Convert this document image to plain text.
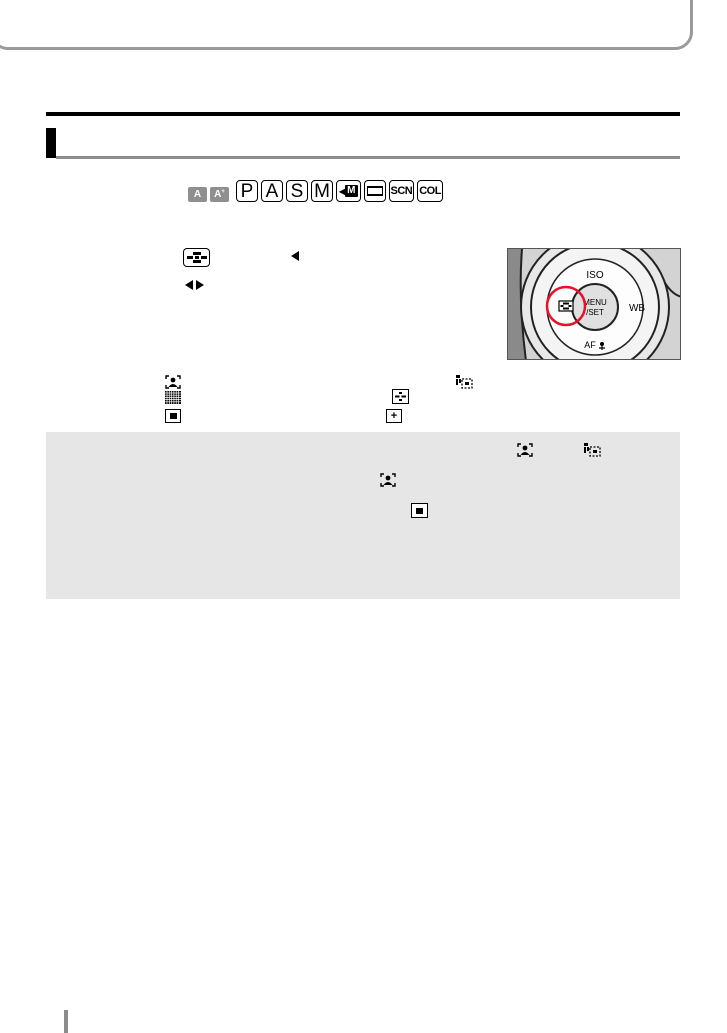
A A+ P A S M ◀ M	SCN COL
ISO
WB
MENU
/SET
AF
+
